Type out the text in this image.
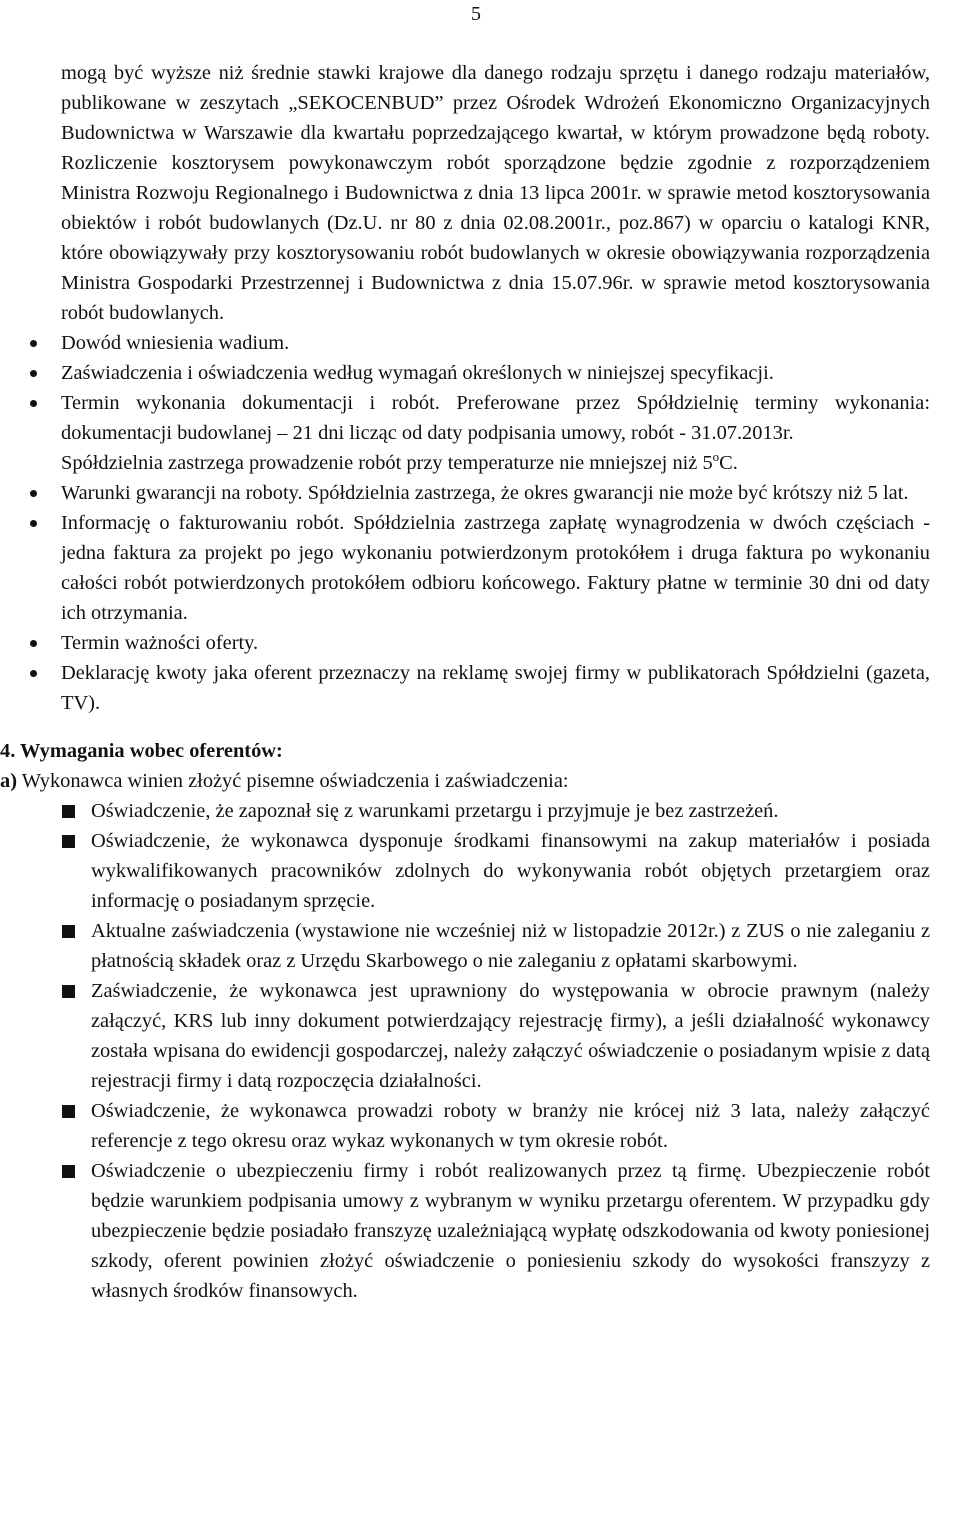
5

mogą być wyższe niż średnie stawki krajowe dla danego rodzaju sprzętu i danego rodzaju materiałów, publikowane w zeszytach „SEKOCENBUD” przez Ośrodek Wdrożeń Ekonomiczno Organizacyjnych Budownictwa w Warszawie dla kwartału poprzedzającego kwartał, w którym prowadzone będą roboty. Rozliczenie kosztorysem powykonawczym robót sporządzone będzie zgodnie z rozporządzeniem Ministra Rozwoju Regionalnego i Budownictwa z dnia 13 lipca 2001r. w sprawie metod kosztorysowania obiektów i robót budowlanych (Dz.U. nr 80 z dnia 02.08.2001r., poz.867) w oparciu o katalogi KNR, które obowiązywały przy kosztorysowaniu robót budowlanych w okresie obowiązywania rozporządzenia Ministra Gospodarki Przestrzennej i Budownictwa z dnia 15.07.96r. w sprawie metod kosztorysowania robót budowlanych.

Dowód wniesienia wadium.
Zaświadczenia i oświadczenia według wymagań określonych w niniejszej specyfikacji.
Termin wykonania dokumentacji i robót. Preferowane przez Spółdzielnię terminy wykonania: dokumentacji budowlanej – 21 dni licząc od daty podpisania umowy, robót - 31.07.2013r.
Spółdzielnia zastrzega prowadzenie robót przy temperaturze nie mniejszej niż 5$^o$C.
Warunki gwarancji na roboty. Spółdzielnia zastrzega, że okres gwarancji nie może być krótszy niż 5 lat.
Informację o fakturowaniu robót. Spółdzielnia zastrzega zapłatę wynagrodzenia w dwóch częściach - jedna faktura za projekt po jego wykonaniu potwierdzonym protokółem i druga faktura po wykonaniu całości robót potwierdzonych protokółem odbioru końcowego. Faktury płatne w terminie 30 dni od daty ich otrzymania.
Termin ważności oferty.
Deklarację kwoty jaka oferent przeznaczy na reklamę swojej firmy w publikatorach Spółdzielni (gazeta, TV).
4. Wymagania wobec oferentów:
a) Wykonawca winien złożyć pisemne oświadczenia i zaświadczenia:
Oświadczenie, że zapoznał się z warunkami przetargu i przyjmuje je bez zastrzeżeń.
Oświadczenie, że wykonawca dysponuje środkami finansowymi na zakup materiałów i posiada wykwalifikowanych pracowników zdolnych do wykonywania robót objętych przetargiem oraz informację o posiadanym sprzęcie.
Aktualne zaświadczenia (wystawione nie wcześniej niż w listopadzie 2012r.) z ZUS o nie zaleganiu z płatnością składek oraz z Urzędu Skarbowego o nie zaleganiu z opłatami skarbowymi.
Zaświadczenie, że wykonawca jest uprawniony do występowania w obrocie prawnym (należy załączyć, KRS lub inny dokument potwierdzający rejestrację firmy), a jeśli działalność wykonawcy została wpisana do ewidencji gospodarczej, należy załączyć oświadczenie o posiadanym wpisie z datą rejestracji firmy i datą rozpoczęcia działalności.
Oświadczenie, że wykonawca prowadzi roboty w branży nie krócej niż 3 lata, należy załączyć referencje z tego okresu oraz wykaz wykonanych w tym okresie robót.
Oświadczenie o ubezpieczeniu firmy i robót realizowanych przez tą firmę. Ubezpieczenie robót będzie warunkiem podpisania umowy z wybranym w wyniku przetargu oferentem. W przypadku gdy ubezpieczenie będzie posiadało franszyzę uzależniającą wypłatę odszkodowania od kwoty poniesionej szkody, oferent powinien złożyć oświadczenie o poniesieniu szkody do wysokości franszyzy z własnych środków finansowych.
